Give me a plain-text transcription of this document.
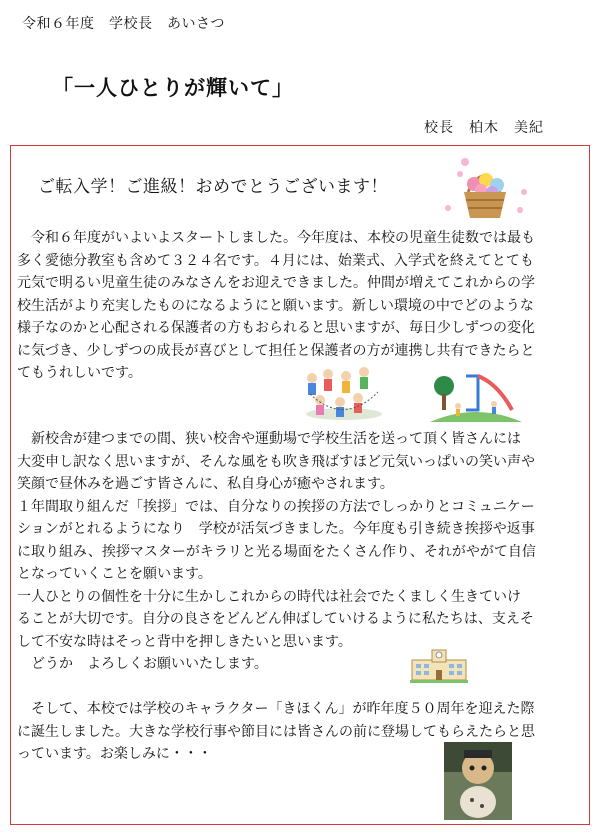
令和６年度　学校長　あいさつ
「一人ひとりが輝いて」
校長　柏木　美紀
ご転入学！ご進級！おめでとうございます！
　令和６年度がいよいよスタートしました。今年度は、本校の児童生徒数では最も
多く愛徳分教室も含めて３２４名です。４月には、始業式、入学式を終えてとても
元気で明るい児童生徒のみなさんをお迎えできました。仲間が増えてこれからの学
校生活がより充実したものになるようにと願います。新しい環境の中でどのような
様子なのかと心配される保護者の方もおられると思いますが、毎日少しずつの変化
に気づき、少しずつの成長が喜びとして担任と保護者の方が連携し共有できたらと
てもうれしいです。
　新校舎が建つまでの間、狭い校舎や運動場で学校生活を送って頂く皆さんには
大変申し訳なく思いますが、そんな風をも吹き飛ばすほど元気いっぱいの笑い声や
笑顔で昼休みを過ごす皆さんに、私自身心が癒やされます。
１年間取り組んだ「挨拶」では、自分なりの挨拶の方法でしっかりとコミュニケー
ションがとれるようになり　学校が活気づきました。今年度も引き続き挨拶や返事
に取り組み、挨拶マスターがキラリと光る場面をたくさん作り、それがやがて自信
となっていくことを願います。
一人ひとりの個性を十分に生かしこれからの時代は社会でたくましく生きていけ
ることが大切です。自分の良さをどんどん伸ばしていけるように私たちは、支えそ
して不安な時はそっと背中を押しきたいと思います。
　どうか　よろしくお願いいたします。
　そして、本校では学校のキャラクター「きほくん」が昨年度５０周年を迎えた際
に誕生しました。大きな学校行事や節目には皆さんの前に登場してもらえたらと思
っています。お楽しみに・・・
